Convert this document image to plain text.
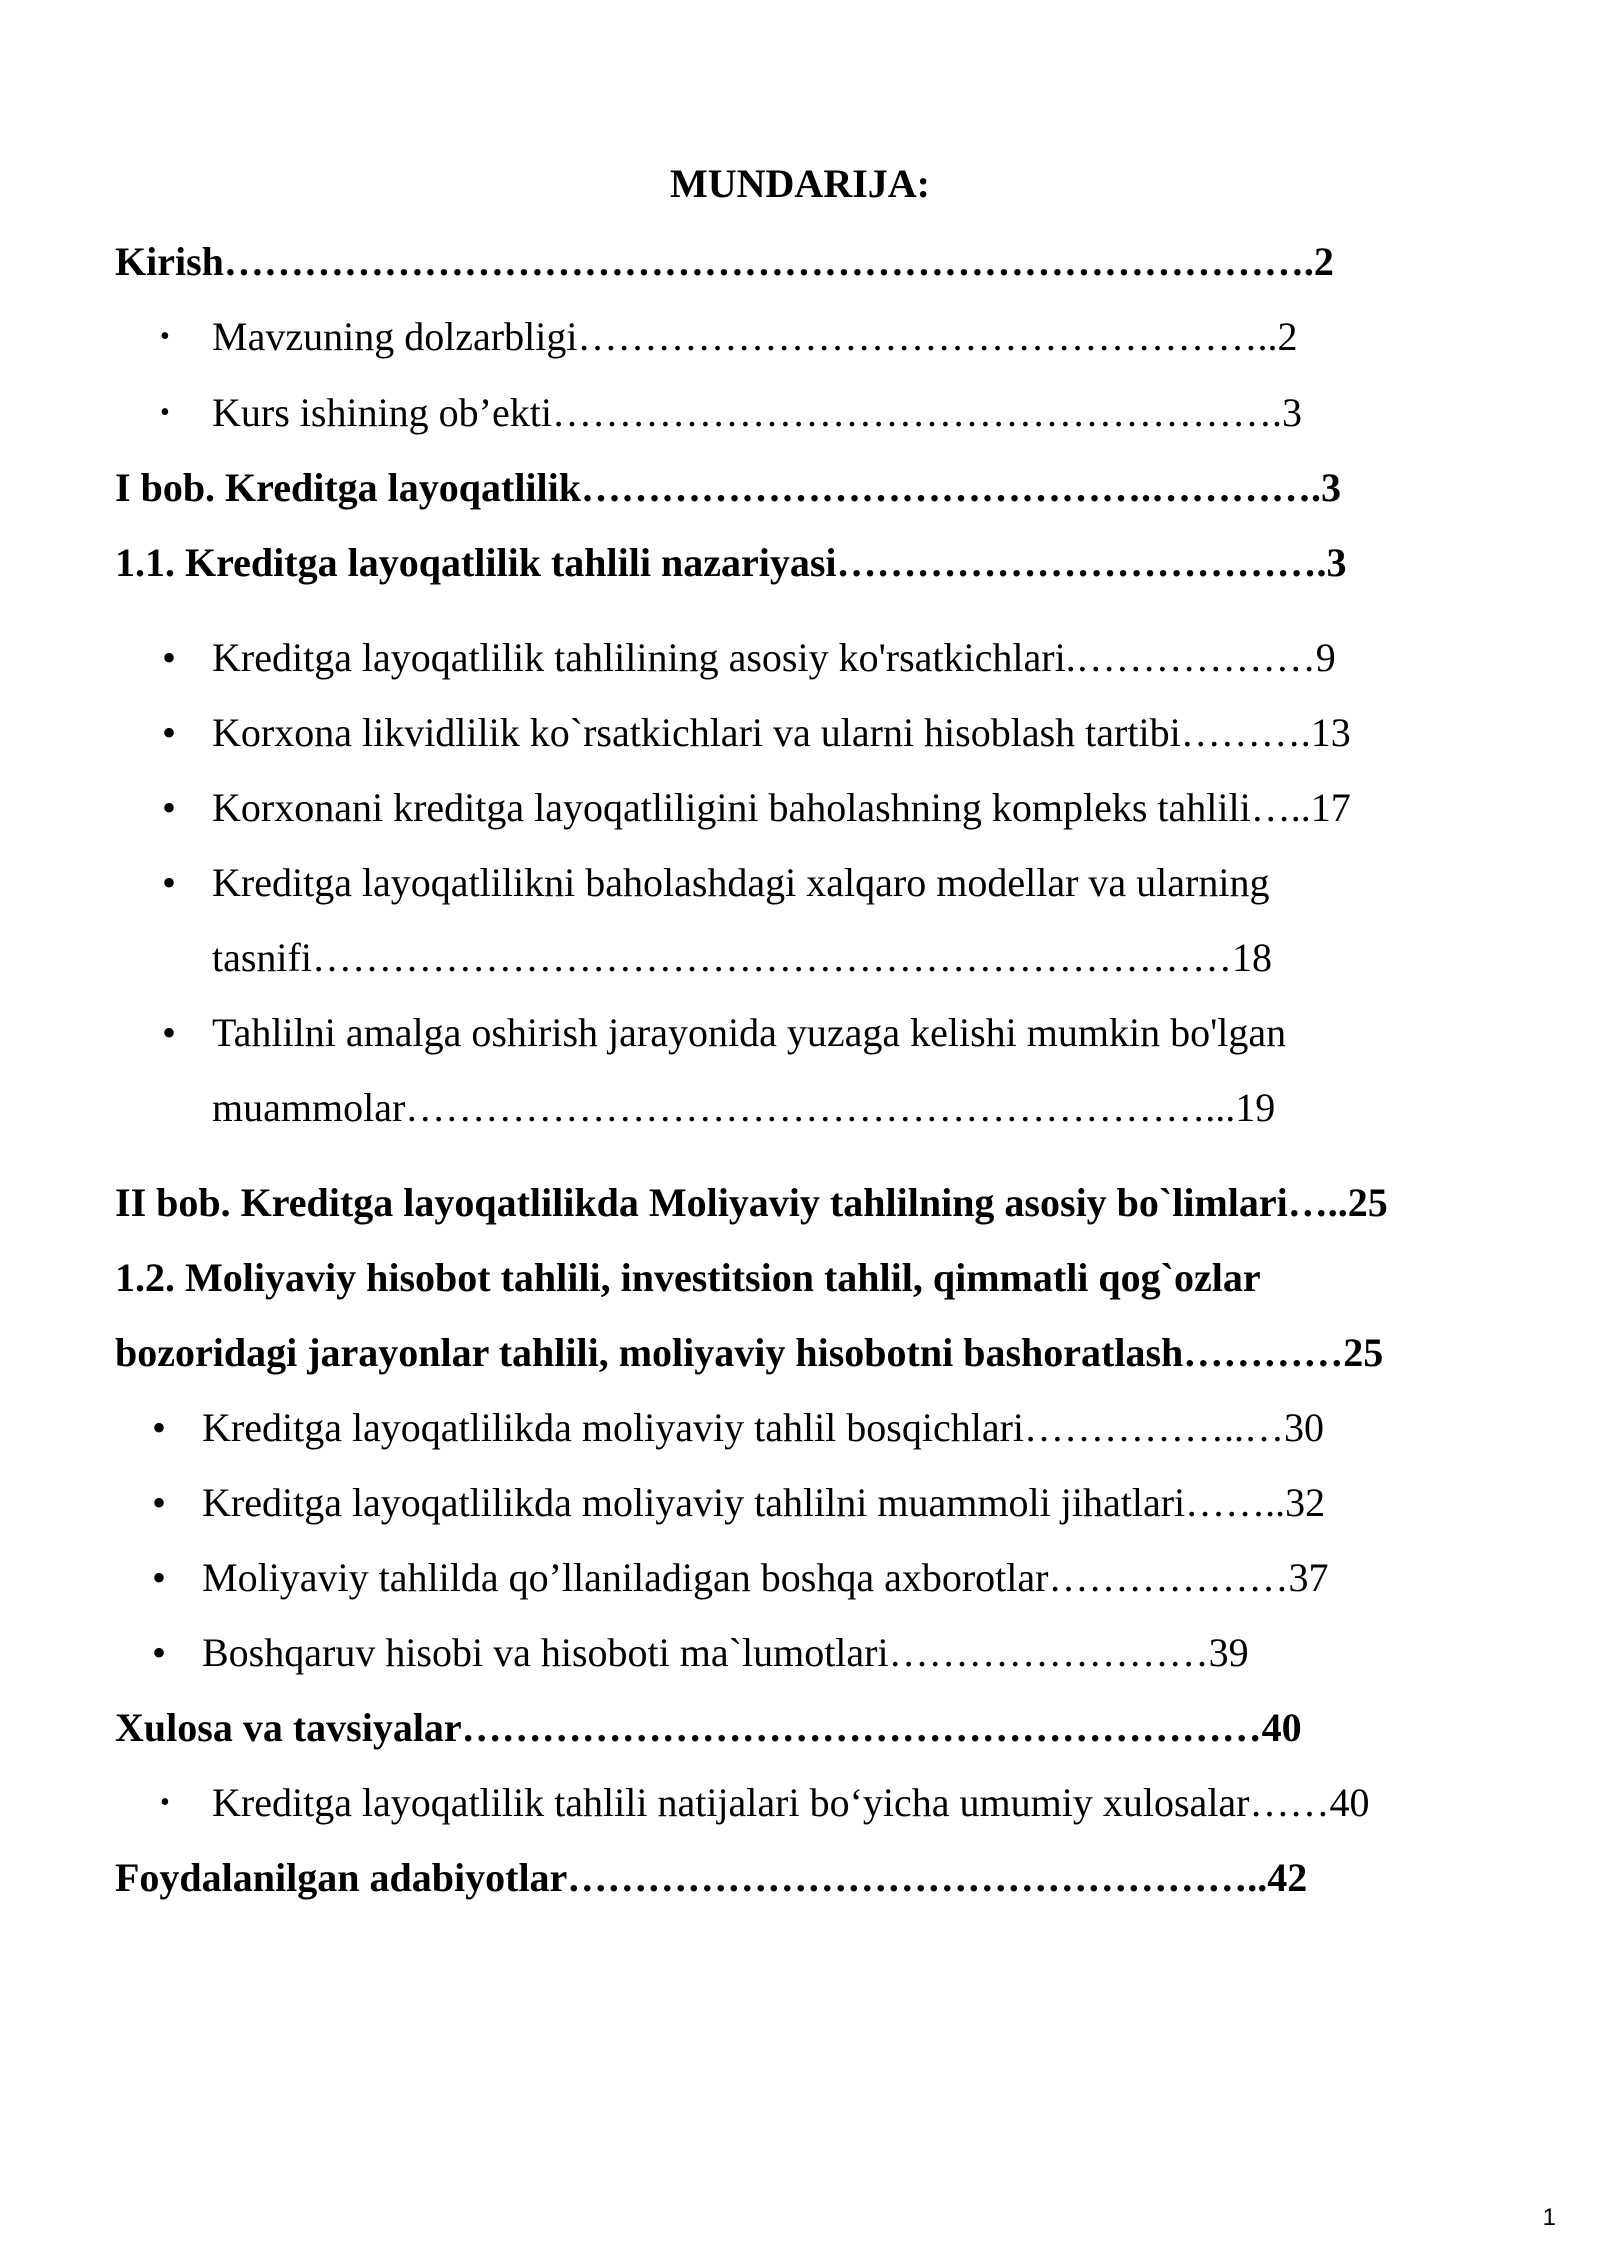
MUNDARIJA:
Kirish……………………………………………………………………….2
• Mavzuning dolzarbligi……………………………………………..2
• Kurs ishining ob’ekti……………………………………………….3
I bob. Kreditga layoqatlilik…………………………………….………….3
1.1. Kreditga layoqatlilik tahlili nazariyasi……………………………….3
• Kreditga layoqatlilik tahlilining asosiy ko'rsatkichlari.………………9
• Korxona likvidlilik ko`rsatkichlari va ularni hisoblash tartibi……….13
• Korxonani kreditga layoqatliligini baholashning kompleks tahlili…..17
• Kreditga layoqatlilikni baholashdagi xalqaro modellar va ularning
tasnifi……………………………………………………………18
• Tahlilni amalga oshirish jarayonida yuzaga kelishi mumkin bo'lgan
muammolar……………………………………………………...19
II bob. Kreditga layoqatlilikda Moliyaviy tahlilning asosiy bo`limlari…..25
1.2. Moliyaviy hisobot tahlili, investitsion tahlil, qimmatli qog`ozlar
bozoridagi jarayonlar tahlili, moliyaviy hisobotni bashoratlash…………25
• Kreditga layoqatlilikda moliyaviy tahlil bosqichlari……………..…30
• Kreditga layoqatlilikda moliyaviy tahlilni muammoli jihatlari……..32
• Moliyaviy tahlilda qo’llaniladigan boshqa axborotlar………………37
• Boshqaruv hisobi va hisoboti ma`lumotlari……………………39
Xulosa va tavsiyalar……………………………………………………40
• Kreditga layoqatlilik tahlili natijalari bo‘yicha umumiy xulosalar……40
Foydalanilgan adabiyotlar……………………………………………..42
1
